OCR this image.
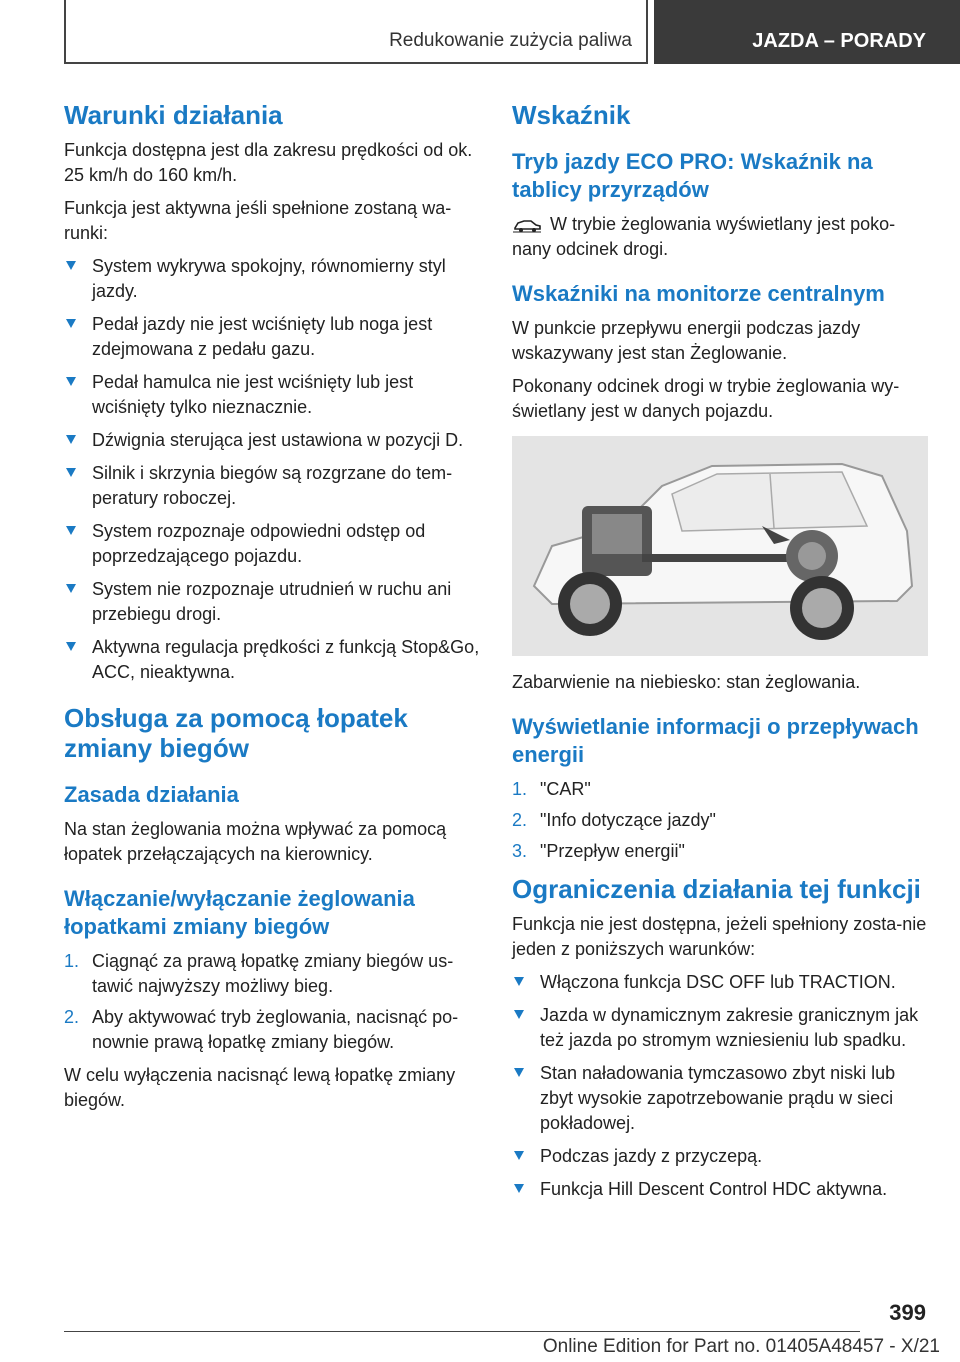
Redukowanie zużycia paliwa	JAZDA – PORADY
Warunki działania

Funkcja dostępna jest dla zakresu prędkości od ok. 25 km/h do 160 km/h.

Funkcja jest aktywna jeśli spełnione zostaną wa-runki:

System wykrywa spokojny, równomierny styl jazdy.
Pedał jazdy nie jest wciśnięty lub noga jest zdejmowana z pedału gazu.
Pedał hamulca nie jest wciśnięty lub jest wciśnięty tylko nieznacznie.
Dźwignia sterująca jest ustawiona w pozycji D.
Silnik i skrzynia biegów są rozgrzane do tem-peratury roboczej.
System rozpoznaje odpowiedni odstęp od poprzedzającego pojazdu.
System nie rozpoznaje utrudnień w ruchu ani przebiegu drogi.
Aktywna regulacja prędkości z funkcją Stop&Go, ACC, nieaktywna.
Obsługa za pomocą łopatek zmiany biegów
Zasada działania

Na stan żeglowania można wpływać za pomocą łopatek przełączających na kierownicy.

Włączanie/wyłączanie żeglowania łopatkami zmiany biegów
1. Ciągnąć za prawą łopatkę zmiany biegów us-tawić najwyższy możliwy bieg.
2. Aby aktywować tryb żeglowania, nacisnąć po-nownie prawą łopatkę zmiany biegów.

W celu wyłączenia nacisnąć lewą łopatkę zmiany biegów.

Wskaźnik
Tryb jazdy ECO PRO: Wskaźnik na tablicy przyrządów

W trybie żeglowania wyświetlany jest poko-nany odcinek drogi.

Wskaźniki na monitorze centralnym

W punkcie przepływu energii podczas jazdy wskazywany jest stan Żeglowanie.

Pokonany odcinek drogi w trybie żeglowania wy-świetlany jest w danych pojazdu.

Zabarwienie na niebiesko: stan żeglowania.

Wyświetlanie informacji o przepływach energii
1. "CAR"
2. "Info dotyczące jazdy"
3. "Przepływ energii"
Ograniczenia działania tej funkcji

Funkcja nie jest dostępna, jeżeli spełniony zosta-nie jeden z poniższych warunków:

Włączona funkcja DSC OFF lub TRACTION.
Jazda w dynamicznym zakresie granicznym jak też jazda po stromym wzniesieniu lub spadku.
Stan naładowania tymczasowo zbyt niski lub zbyt wysokie zapotrzebowanie prądu w sieci pokładowej.
Podczas jazdy z przyczepą.
Funkcja Hill Descent Control HDC aktywna.
399
Online Edition for Part no. 01405A48457 - X/21
